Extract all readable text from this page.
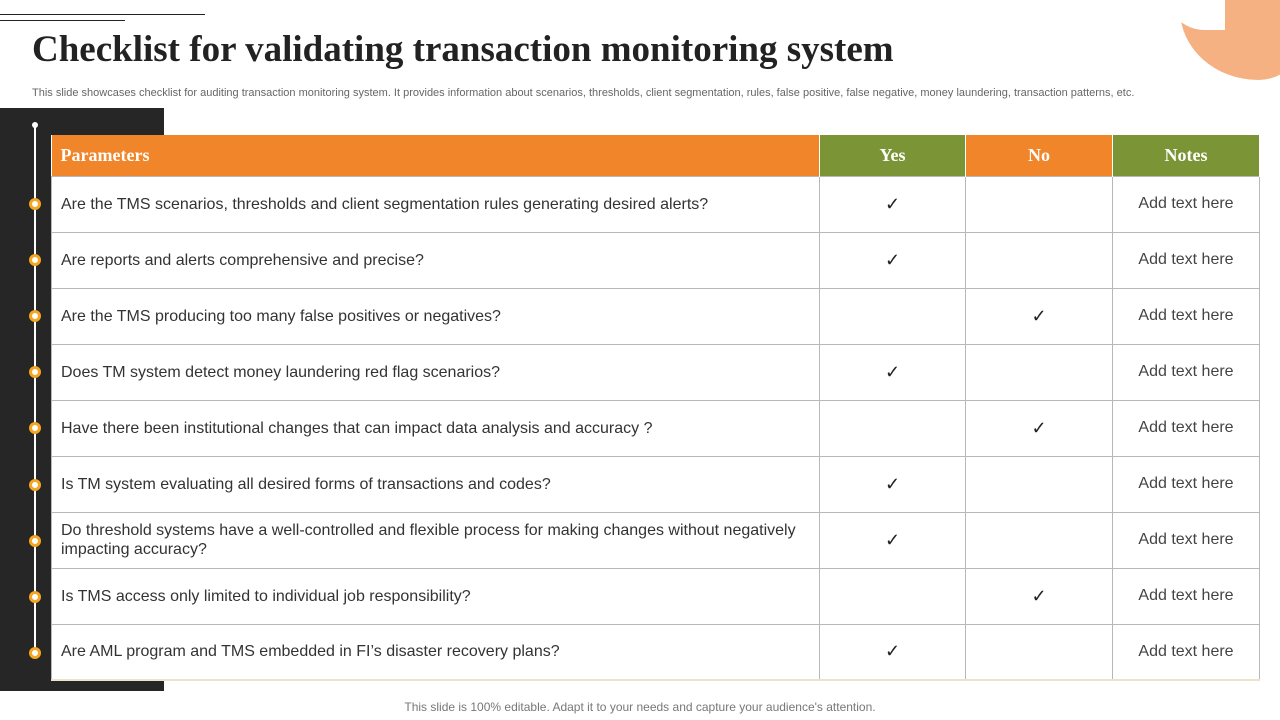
Checklist for validating transaction monitoring system

This slide showcases checklist for auditing transaction monitoring system. It provides information about scenarios, thresholds, client segmentation, rules, false positive, false negative, money laundering, transaction patterns, etc.

Parameters	Yes	No	Notes
Are the TMS scenarios, thresholds and client segmentation rules generating desired alerts?	✓		Add text here
Are reports and alerts comprehensive and precise?	✓		Add text here
Are the TMS producing too many false positives or negatives?		✓	Add text here
Does TM system detect money laundering red flag scenarios?	✓		Add text here
Have there been institutional changes that can impact data analysis and accuracy ?		✓	Add text here
Is TM system evaluating all desired forms of transactions and codes?	✓		Add text here
Do threshold systems have a well-controlled and flexible process for making changes without negatively impacting accuracy?	✓		Add text here
Is TMS access only limited to individual job responsibility?		✓	Add text here
Are AML program and TMS embedded in FI’s disaster recovery plans?	✓		Add text here
This slide is 100% editable. Adapt it to your needs and capture your audience's attention.
